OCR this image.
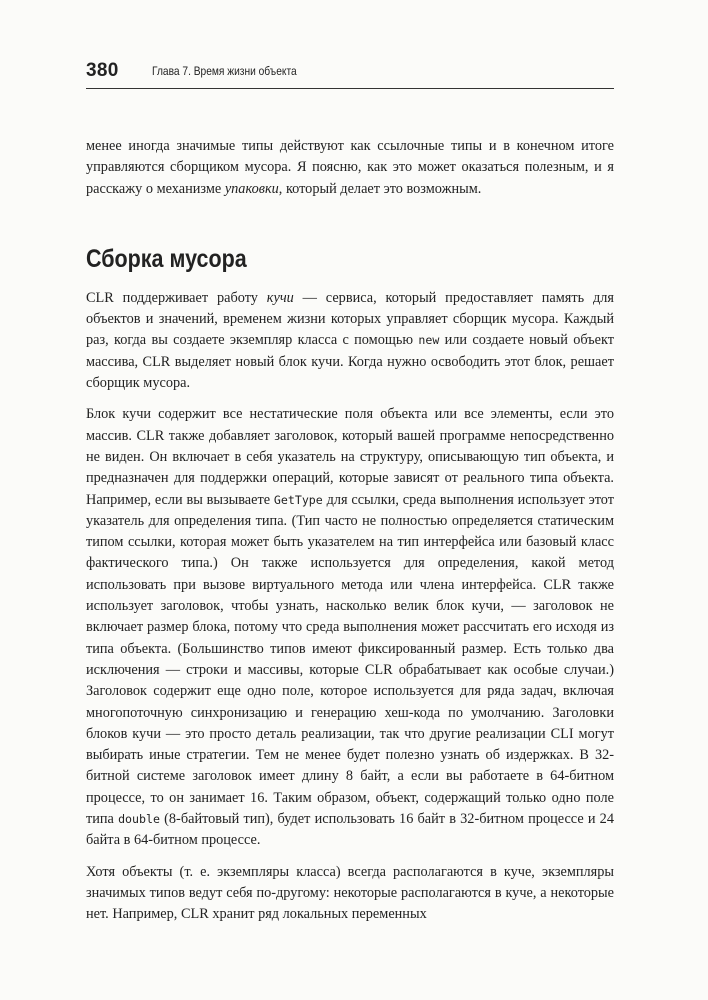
380	Глава 7. Время жизни объекта

менее иногда значимые типы действуют как ссылочные типы и в конечном итоге управляются сборщиком мусора. Я поясню, как это может оказаться полезным, и я расскажу о механизме упаковки, который делает это возможным.

Сборка мусора

CLR поддерживает работу кучи — сервиса, который предоставляет память для объектов и значений, временем жизни которых управляет сборщик мусора. Каждый раз, когда вы создаете экземпляр класса с помощью new или создаете новый объект массива, CLR выделяет новый блок кучи. Когда нужно освободить этот блок, решает сборщик мусора.

Блок кучи содержит все нестатические поля объекта или все элементы, если это массив. CLR также добавляет заголовок, который вашей программе непосредственно не виден. Он включает в себя указатель на структуру, описывающую тип объекта, и предназначен для поддержки операций, которые зависят от реального типа объекта. Например, если вы вызываете GetType для ссылки, среда выполнения использует этот указатель для определения типа. (Тип часто не полностью определяется статическим типом ссылки, которая может быть указателем на тип интерфейса или базовый класс фактического типа.) Он также используется для определения, какой метод использовать при вызове виртуального метода или члена интерфейса. CLR также использует заголовок, чтобы узнать, насколько велик блок кучи, — заголовок не включает размер блока, потому что среда выполнения может рассчитать его исходя из типа объекта. (Большинство типов имеют фиксированный размер. Есть только два исключения — строки и массивы, которые CLR обрабатывает как особые случаи.) Заголовок содержит еще одно поле, которое используется для ряда задач, включая многопоточную синхронизацию и генерацию хеш-кода по умолчанию. Заголовки блоков кучи — это просто деталь реализации, так что другие реализации CLI могут выбирать иные стратегии. Тем не менее будет полезно узнать об издержках. В 32-битной системе заголовок имеет длину 8 байт, а если вы работаете в 64-битном процессе, то он занимает 16. Таким образом, объект, содержащий только одно поле типа double (8-байтовый тип), будет использовать 16 байт в 32-битном процессе и 24 байта в 64-битном процессе.

Хотя объекты (т. е. экземпляры класса) всегда располагаются в куче, экземпляры значимых типов ведут себя по-другому: некоторые располагаются в куче, а некоторые нет. Например, CLR хранит ряд локальных переменных
